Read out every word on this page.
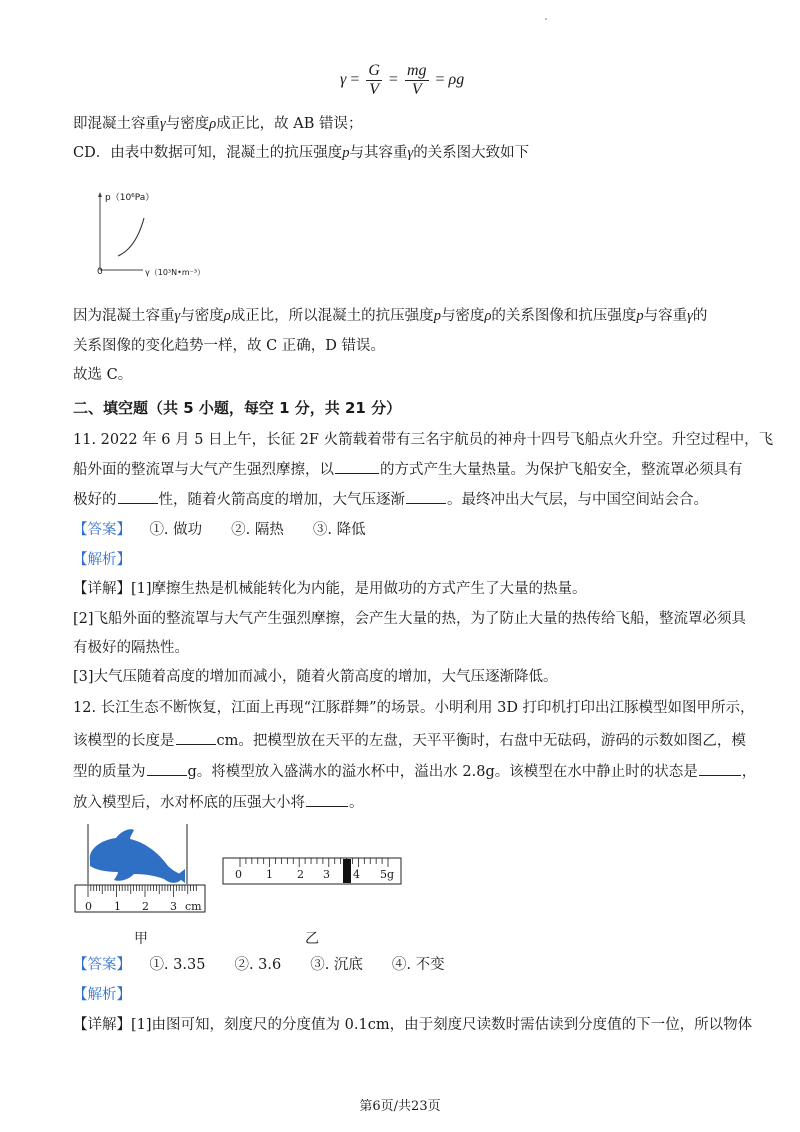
$\gamma = \frac{G}{V} = \frac{mg}{V} = \rho g$
即混凝土容重γ与密度ρ成正比，故 AB 错误；
CD．由表中数据可知，混凝土的抗压强度p与其容重γ的关系图大致如下
p（10⁶Pa）
0	γ（10³N•m⁻³）
因为混凝土容重γ与密度ρ成正比，所以混凝土的抗压强度p与密度ρ的关系图像和抗压强度p与容重γ的
关系图像的变化趋势一样，故 C 正确，D 错误。
故选 C。
二、填空题（共 5 小题，每空 1 分，共 21 分）
11. 2022 年 6 月 5 日上午，长征 2F 火箭载着带有三名宇航员的神舟十四号飞船点火升空。升空过程中，飞
船外面的整流罩与大气产生强烈摩擦，以	的方式产生大量热量。为保护飞船安全，整流罩必须具有
极好的	性，随着火箭高度的增加，大气压逐渐	。最终冲出大气层，与中国空间站会合。
【答案】 ①. 做功　　②. 隔热　　③. 降低
【解析】
【详解】[1]摩擦生热是机械能转化为内能，是用做功的方式产生了大量的热量。
[2]飞船外面的整流罩与大气产生强烈摩擦，会产生大量的热，为了防止大量的热传给飞船，整流罩必须具
有极好的隔热性。
[3]大气压随着高度的增加而减小，随着火箭高度的增加，大气压逐渐降低。
12. 长江生态不断恢复，江面上再现“江豚群舞”的场景。小明利用 3D 打印机打印出江豚模型如图甲所示，
该模型的长度是	cm。把模型放在天平的左盘，天平平衡时，右盘中无砝码，游码的示数如图乙，模
型的质量为	g。将模型放入盛满水的溢水杯中，溢出水 2.8g。该模型在水中静止时的状态是	，
放入模型后，水对杯底的压强大小将	。
0 1 2 3 cm
甲
0 1 2 3 4 5g
乙
【答案】 ①. 3.35　　②. 3.6　　③. 沉底　　④. 不变
【解析】
【详解】[1]由图可知，刻度尺的分度值为 0.1cm，由于刻度尺读数时需估读到分度值的下一位，所以物体
第6页/共23页
